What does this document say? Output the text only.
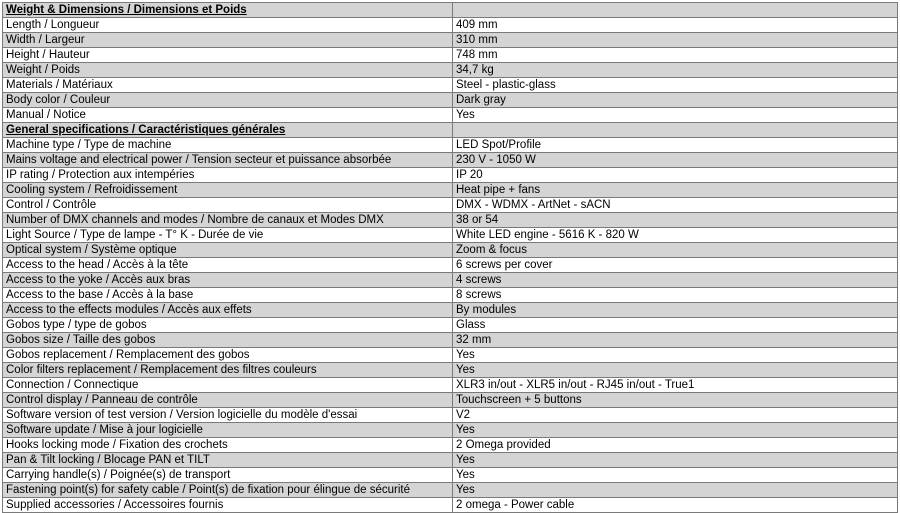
Weight & Dimensions / Dimensions et Poids	
Length / Longueur	409 mm
Width / Largeur	310 mm
Height / Hauteur	748 mm
Weight / Poids	34,7 kg
Materials / Matériaux	Steel - plastic-glass
Body color / Couleur	Dark gray
Manual / Notice	Yes
General specifications / Caractéristiques générales	
Machine type / Type de machine	LED Spot/Profile
Mains voltage and electrical power / Tension secteur et puissance absorbée	230 V - 1050 W
IP rating / Protection aux intempéries	IP 20
Cooling system / Refroidissement	Heat pipe + fans
Control / Contrôle	DMX - WDMX - ArtNet - sACN
Number of DMX channels and modes / Nombre de canaux et Modes DMX	38 or 54
Light Source / Type de lampe - T° K - Durée de vie	White LED engine - 5616 K - 820 W
Optical system / Système optique	Zoom & focus
Access to the head / Accès à la tête	6 screws per cover
Access to the yoke / Accès aux bras	4 screws
Access to the base / Accès à la base	8 screws
Access to the effects modules / Accès aux effets	By modules
Gobos type / type de gobos	Glass
Gobos size / Taille des gobos	32 mm
Gobos replacement / Remplacement des gobos	Yes
Color filters replacement / Remplacement des filtres couleurs	Yes
Connection / Connectique	XLR3 in/out - XLR5 in/out - RJ45 in/out - True1
Control display / Panneau de contrôle	Touchscreen + 5 buttons
Software version of test version / Version logicielle du modèle d'essai	V2
Software update / Mise à jour logicielle	Yes
Hooks locking mode / Fixation des crochets	2 Omega provided
Pan & Tilt locking / Blocage PAN et TILT	Yes
Carrying handle(s) / Poignée(s) de transport	Yes
Fastening point(s) for safety cable / Point(s) de fixation pour élingue de sécurité	Yes
Supplied accessories / Accessoires fournis	2 omega - Power cable
